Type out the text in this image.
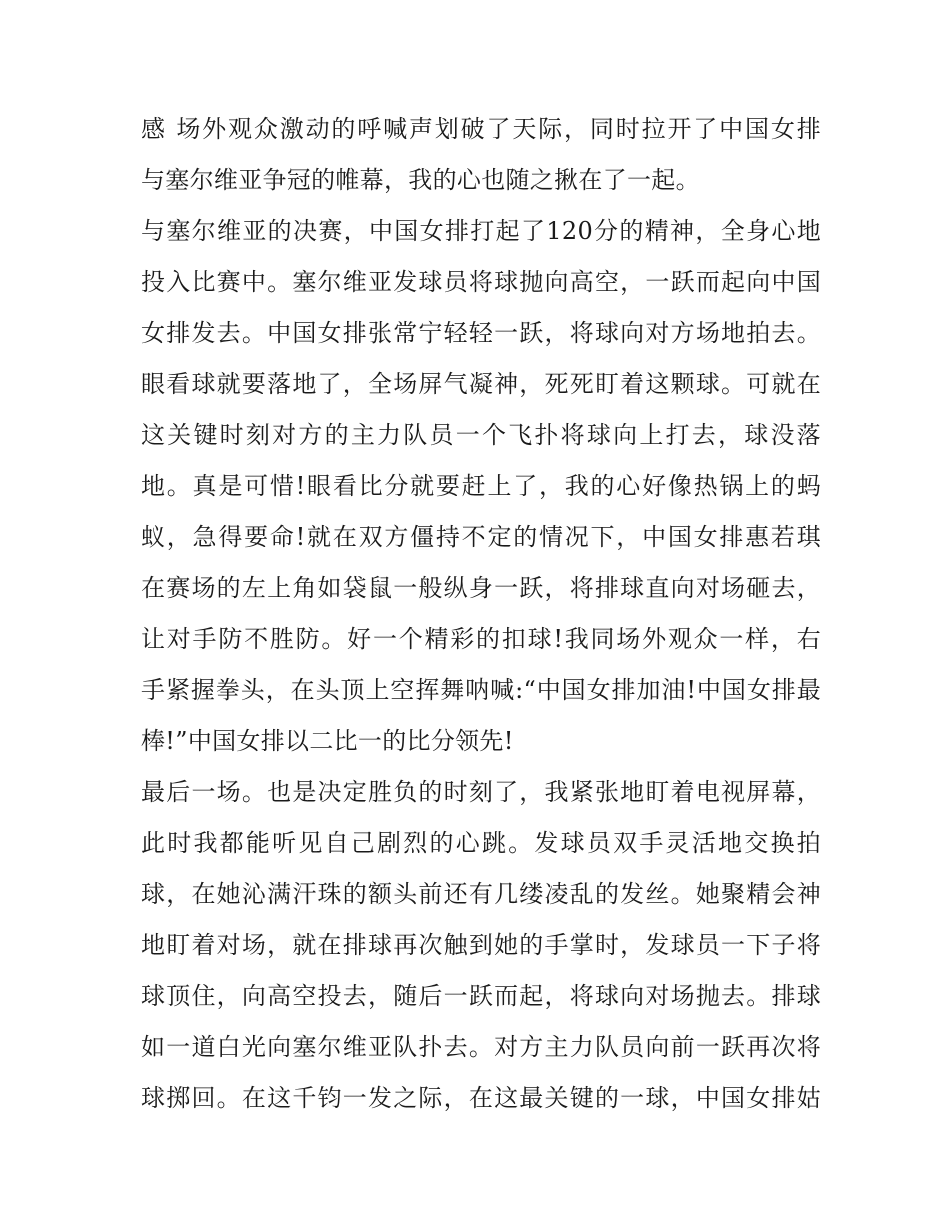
感 场外观众激动的呼喊声划破了天际，同时拉开了中国女排
与塞尔维亚争冠的帷幕，我的心也随之揪在了一起。
与塞尔维亚的决赛，中国女排打起了120分的精神，全身心地
投入比赛中。塞尔维亚发球员将球抛向高空，一跃而起向中国
女排发去。中国女排张常宁轻轻一跃，将球向对方场地拍去。
眼看球就要落地了，全场屏气凝神，死死盯着这颗球。可就在
这关键时刻对方的主力队员一个飞扑将球向上打去，球没落
地。真是可惜!眼看比分就要赶上了，我的心好像热锅上的蚂
蚁，急得要命!就在双方僵持不定的情况下，中国女排惠若琪
在赛场的左上角如袋鼠一般纵身一跃，将排球直向对场砸去，
让对手防不胜防。好一个精彩的扣球!我同场外观众一样，右
手紧握拳头，在头顶上空挥舞呐喊:“中国女排加油!中国女排最
棒!”中国女排以二比一的比分领先!
最后一场。也是决定胜负的时刻了，我紧张地盯着电视屏幕，
此时我都能听见自己剧烈的心跳。发球员双手灵活地交换拍
球，在她沁满汗珠的额头前还有几缕凌乱的发丝。她聚精会神
地盯着对场，就在排球再次触到她的手掌时，发球员一下子将
球顶住，向高空投去，随后一跃而起，将球向对场抛去。排球
如一道白光向塞尔维亚队扑去。对方主力队员向前一跃再次将
球掷回。在这千钧一发之际，在这最关键的一球，中国女排姑
